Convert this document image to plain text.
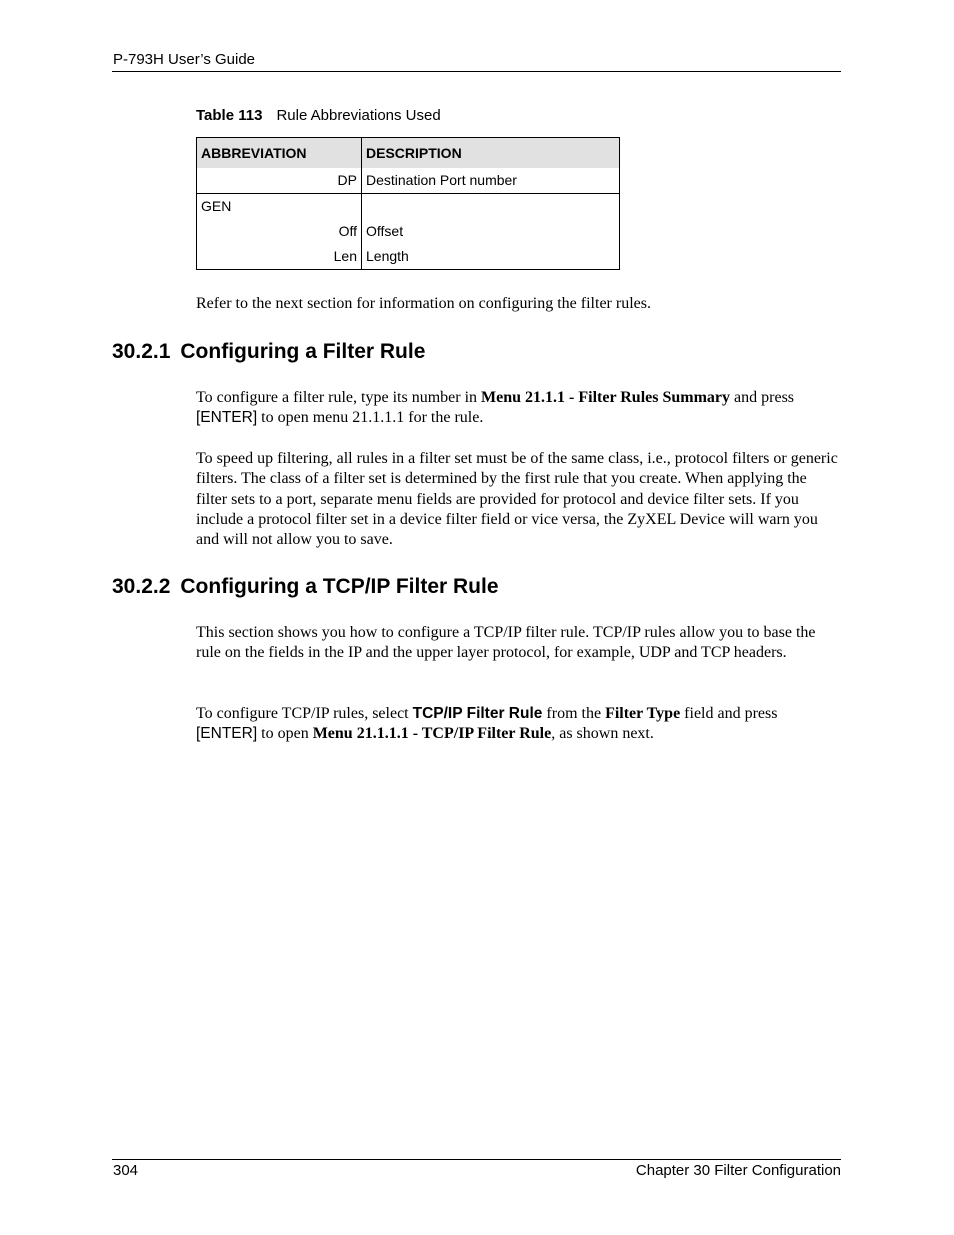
P-793H User’s Guide
Table 113 Rule Abbreviations Used
ABBREVIATION	DESCRIPTION
DP	Destination Port number
GEN	
Off	Offset
Len	Length
Refer to the next section for information on configuring the filter rules.
30.2.1 Configuring a Filter Rule
To configure a filter rule, type its number in Menu 21.1.1 - Filter Rules Summary and press [ENTER] to open menu 21.1.1.1 for the rule.
To speed up filtering, all rules in a filter set must be of the same class, i.e., protocol filters or generic filters. The class of a filter set is determined by the first rule that you create. When applying the filter sets to a port, separate menu fields are provided for protocol and device filter sets. If you include a protocol filter set in a device filter field or vice versa, the ZyXEL Device will warn you and will not allow you to save.
30.2.2 Configuring a TCP/IP Filter Rule
This section shows you how to configure a TCP/IP filter rule. TCP/IP rules allow you to base the rule on the fields in the IP and the upper layer protocol, for example, UDP and TCP headers.
To configure TCP/IP rules, select TCP/IP Filter Rule from the Filter Type field and press [ENTER] to open Menu 21.1.1.1 - TCP/IP Filter Rule, as shown next.
304	Chapter 30 Filter Configuration
